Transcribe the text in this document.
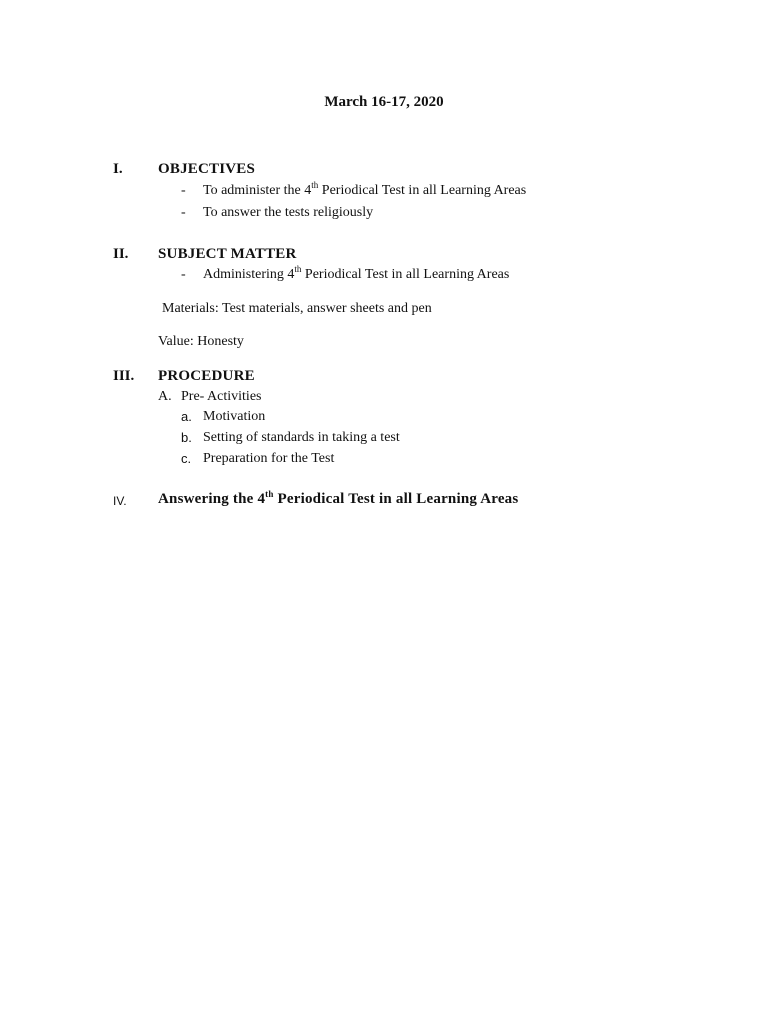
March 16-17, 2020
I. OBJECTIVES
- To administer the 4th Periodical Test in all Learning Areas
- To answer the tests religiously
II. SUBJECT MATTER
- Administering 4th Periodical Test in all Learning Areas
Materials: Test materials, answer sheets and pen
Value: Honesty
III. PROCEDURE
A. Pre- Activities
a. Motivation
b. Setting of standards in taking a test
c. Preparation for the Test
IV. Answering the 4th Periodical Test in all Learning Areas
